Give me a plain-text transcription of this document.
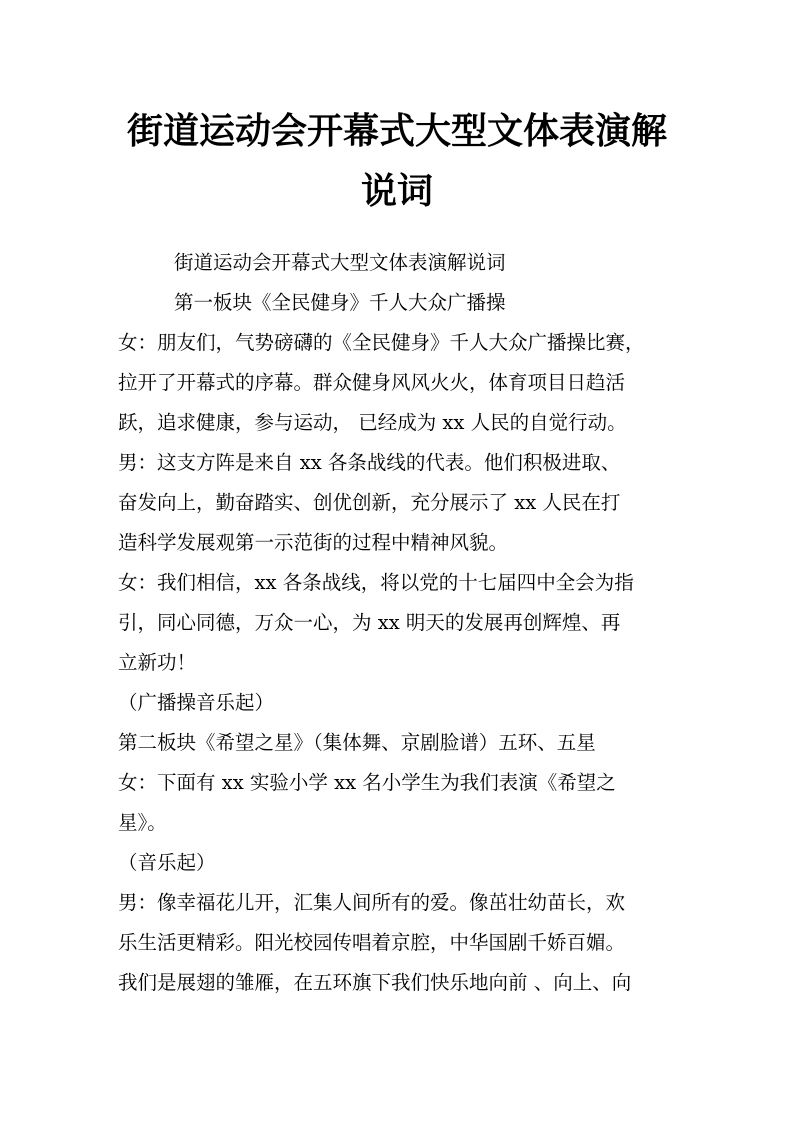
街道运动会开幕式大型文体表演解
说词

街道运动会开幕式大型文体表演解说词

第一板块《全民健身》千人大众广播操

女：朋友们，气势磅礴的《全民健身》千人大众广播操比赛，

拉开了开幕式的序幕。群众健身风风火火，体育项目日趋活

跃，追求健康，参与运动， 已经成为 xx 人民的自觉行动。

男：这支方阵是来自 xx 各条战线的代表。他们积极进取、

奋发向上，勤奋踏实、创优创新，充分展示了 xx 人民在打

造科学发展观第一示范街的过程中精神风貌。

女：我们相信，xx 各条战线，将以党的十七届四中全会为指

引，同心同德，万众一心，为 xx 明天的发展再创辉煌、再

立新功！

（广播操音乐起）

第二板块《希望之星》（集体舞、京剧脸谱）五环、五星

女：下面有 xx 实验小学 xx 名小学生为我们表演《希望之

星》。

（音乐起）

男：像幸福花儿开，汇集人间所有的爱。像茁壮幼苗长，欢

乐生活更精彩。阳光校园传唱着京腔，中华国剧千娇百媚。

我们是展翅的雏雁，在五环旗下我们快乐地向前 、向上、向
